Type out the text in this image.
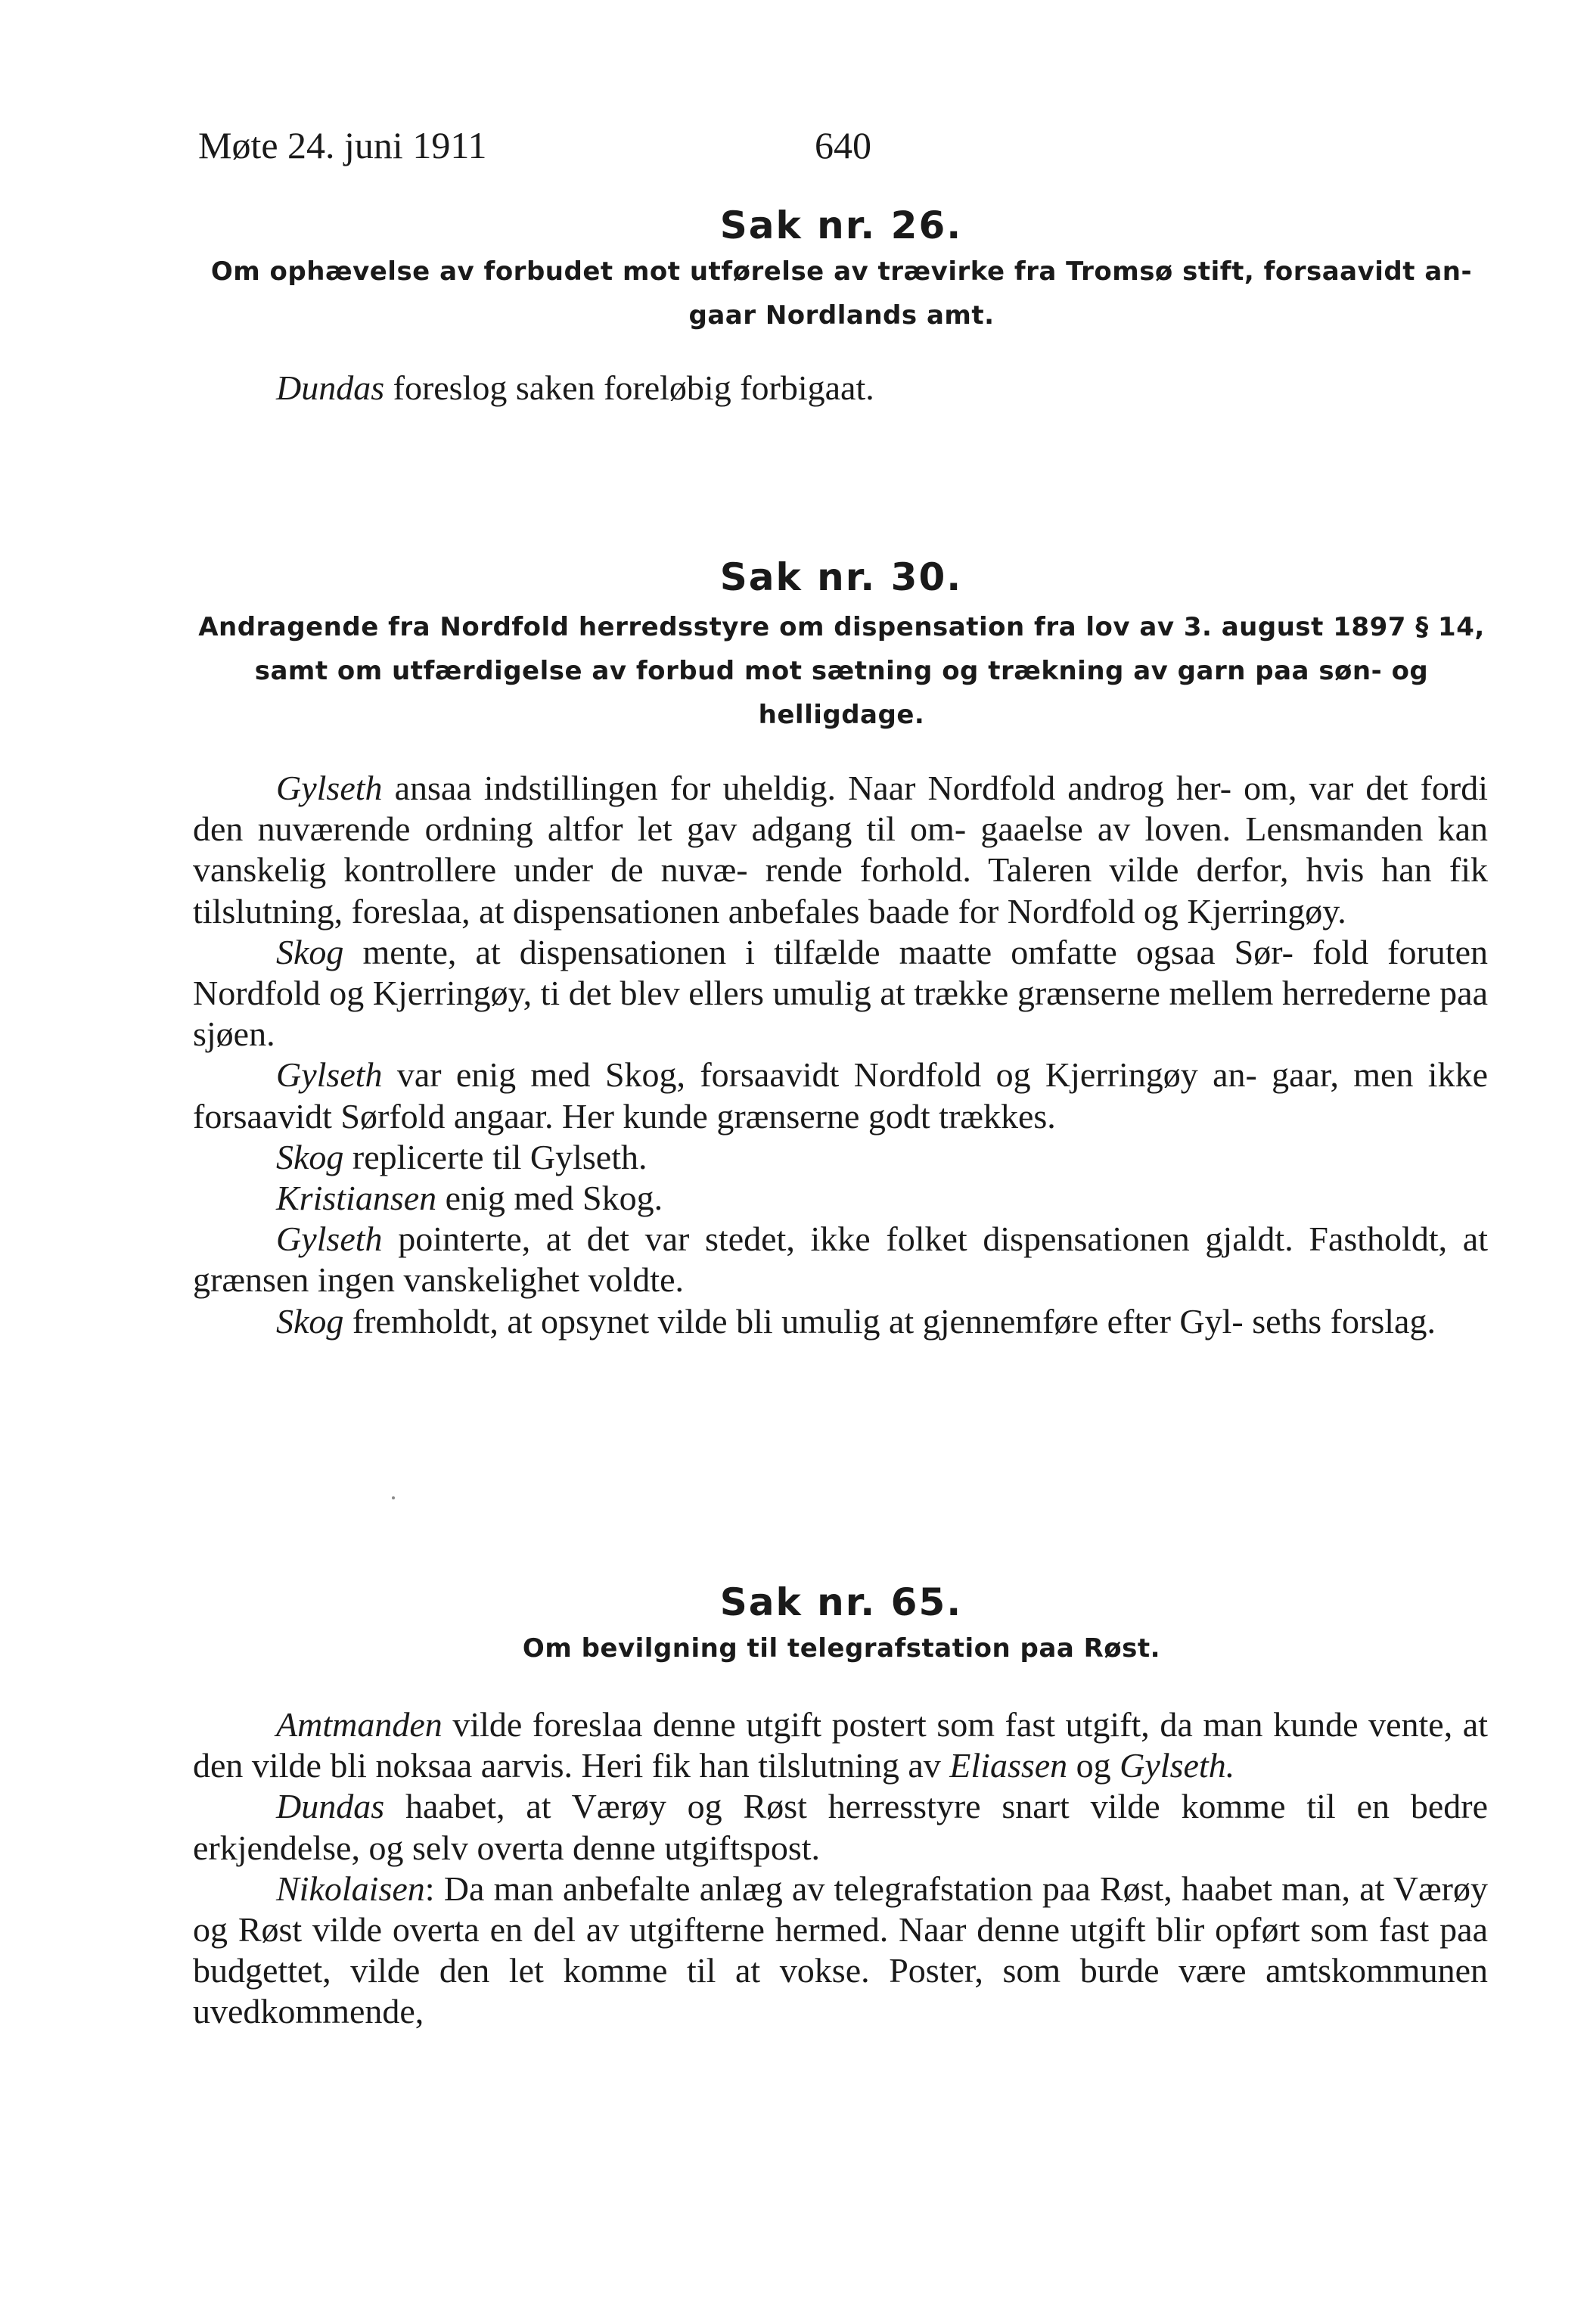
Møte 24. juni 1911	640
Sak nr. 26.
Om ophævelse av forbudet mot utførelse av trævirke fra Tromsø stift, forsaavidt an-
gaar Nordlands amt.

Dundas foreslog saken foreløbig forbigaat.

Sak nr. 30.
Andragende fra Nordfold herredsstyre om dispensation fra lov av 3. august 1897 § 14,
samt om utfærdigelse av forbud mot sætning og trækning av garn paa søn- og
helligdage.

Gylseth ansaa indstillingen for uheldig. Naar Nordfold androg her- om, var det fordi den nuværende ordning altfor let gav adgang til om- gaaelse av loven. Lensmanden kan vanskelig kontrollere under de nuvæ- rende forhold. Taleren vilde derfor, hvis han fik tilslutning, foreslaa, at dispensationen anbefales baade for Nordfold og Kjerringøy.

Skog mente, at dispensationen i tilfælde maatte omfatte ogsaa Sør- fold foruten Nordfold og Kjerringøy, ti det blev ellers umulig at trække grænserne mellem herrederne paa sjøen.

Gylseth var enig med Skog, forsaavidt Nordfold og Kjerringøy an- gaar, men ikke forsaavidt Sørfold angaar. Her kunde grænserne godt trækkes.

Skog replicerte til Gylseth.

Kristiansen enig med Skog.

Gylseth pointerte, at det var stedet, ikke folket dispensationen gjaldt. Fastholdt, at grænsen ingen vanskelighet voldte.

Skog fremholdt, at opsynet vilde bli umulig at gjennemføre efter Gyl- seths forslag.

Sak nr. 65.
Om bevilgning til telegrafstation paa Røst.

Amtmanden vilde foreslaa denne utgift postert som fast utgift, da man kunde vente, at den vilde bli noksaa aarvis. Heri fik han tilslutning av Eliassen og Gylseth.

Dundas haabet, at Værøy og Røst herresstyre snart vilde komme til en bedre erkjendelse, og selv overta denne utgiftspost.

Nikolaisen: Da man anbefalte anlæg av telegrafstation paa Røst, haabet man, at Værøy og Røst vilde overta en del av utgifterne hermed. Naar denne utgift blir opført som fast paa budgettet, vilde den let komme til at vokse. Poster, som burde være amtskommunen uvedkommende,
